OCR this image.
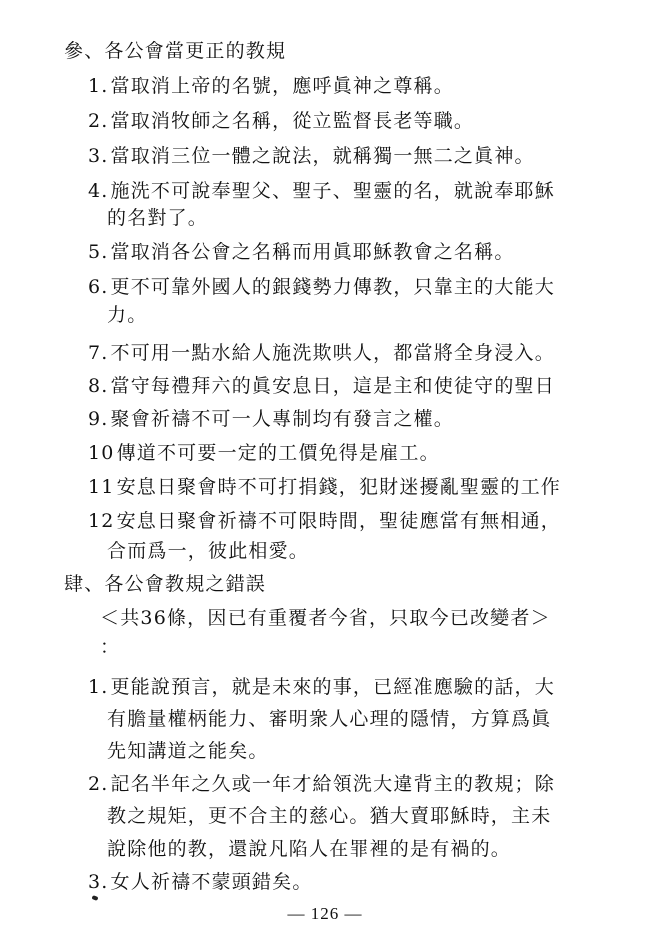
參、各公會當更正的教規
1. 當取消上帝的名號，應呼眞神之尊稱。
2. 當取消牧師之名稱，從立監督長老等職。
3. 當取消三位一體之說法，就稱獨一無二之眞神。
4. 施洗不可說奉聖父、聖子、聖靈的名，就說奉耶穌
的名對了。
5. 當取消各公會之名稱而用眞耶穌教會之名稱。
6. 更不可靠外國人的銀錢勢力傳教，只靠主的大能大
力。
7. 不可用一點水給人施洗欺哄人，都當將全身浸入。
8. 當守每禮拜六的眞安息日，這是主和使徒守的聖日
9. 聚會祈禱不可一人專制均有發言之權。
10 傳道不可要一定的工價免得是雇工。
11 安息日聚會時不可打捐錢，犯財迷擾亂聖靈的工作
12 安息日聚會祈禱不可限時間，聖徒應當有無相通，
合而爲一，彼此相愛。
肆、各公會教規之錯誤
＜共36條，因已有重覆者今省，只取今已改變者＞
：
1. 更能說預言，就是未來的事，已經准應驗的話，大
有膽量權柄能力、審明衆人心理的隱情，方算爲眞
先知講道之能矣。
2. 記名半年之久或一年才給領洗大違背主的教規；除
教之規矩，更不合主的慈心。猶大賣耶穌時，主未
說除他的教，還說凡陷人在罪裡的是有禍的。
3. 女人祈禱不蒙頭錯矣。
— 126 —
